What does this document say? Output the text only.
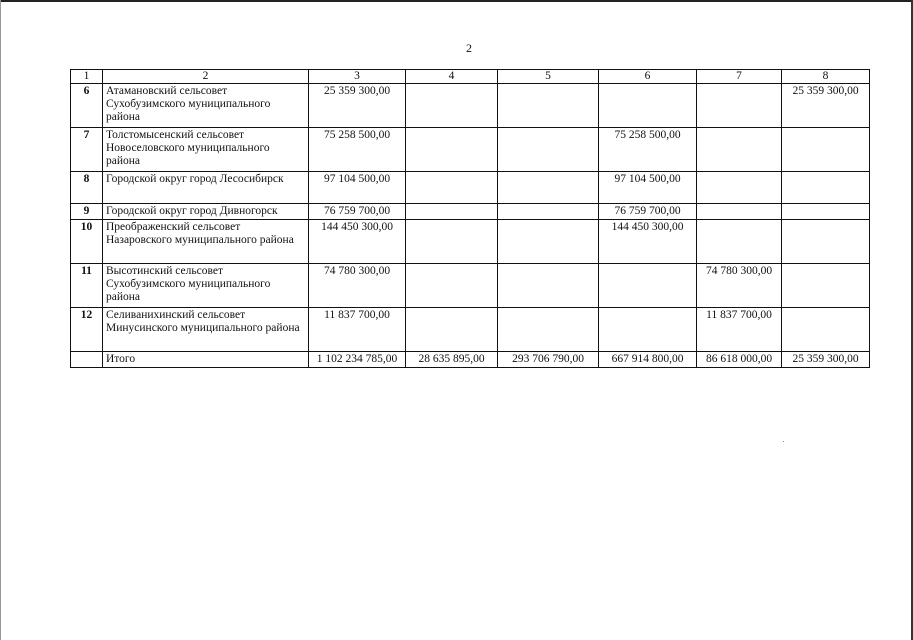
2
1	2	3	4	5	6	7	8
6	Атамановский сельсовет Сухобузимского муниципального района	25 359 300,00					25 359 300,00
7	Толстомысенский сельсовет Новоселовского муниципального района	75 258 500,00			75 258 500,00		
8	Городской округ город Лесосибирск	97 104 500,00			97 104 500,00		
9	Городской округ город Дивногорск	76 759 700,00			76 759 700,00		
10	Преображенский сельсовет Назаровского муниципального района	144 450 300,00			144 450 300,00		
11	Высотинский сельсовет Сухобузимского муниципального района	74 780 300,00				74 780 300,00	
12	Селиванихинский сельсовет Минусинского муниципального района	11 837 700,00				11 837 700,00	
	Итого	1 102 234 785,00	28 635 895,00	293 706 790,00	667 914 800,00	86 618 000,00	25 359 300,00
